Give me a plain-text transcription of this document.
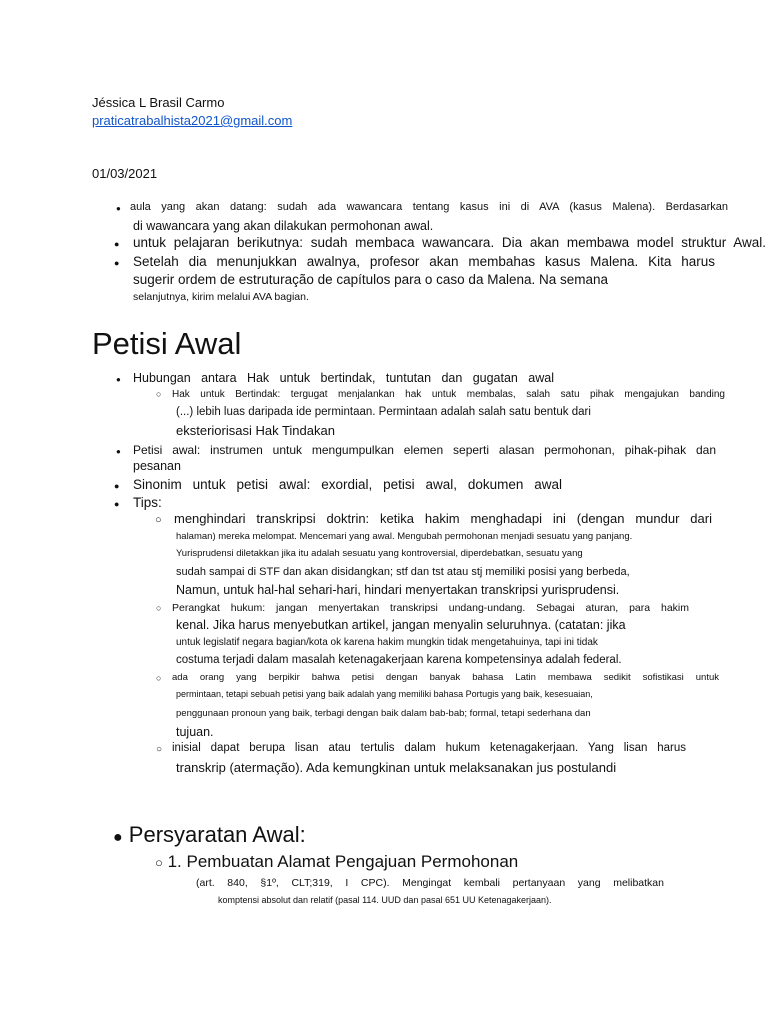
Jéssica L Brasil Carmo
praticatrabalhista2021@gmail.com
01/03/2021
● aula yang akan datang: sudah ada wawancara tentang kasus ini di AVA (kasus Malena). Berdasarkan
di wawancara yang akan dilakukan permohonan awal.
● untuk pelajaran berikutnya: sudah membaca wawancara. Dia akan membawa model struktur Awal.
● Setelah dia menunjukkan awalnya, profesor akan membahas kasus Malena. Kita harus
sugerir ordem de estruturação de capítulos para o caso da Malena. Na semana
selanjutnya, kirim melalui AVA bagian.
Petisi Awal
● Hubungan antara Hak untuk bertindak, tuntutan dan gugatan awal
○ Hak untuk Bertindak: tergugat menjalankan hak untuk membalas, salah satu pihak mengajukan banding
(...) lebih luas daripada ide permintaan. Permintaan adalah salah satu bentuk dari
eksteriorisasi Hak Tindakan
● Petisi awal: instrumen untuk mengumpulkan elemen seperti alasan permohonan, pihak-pihak dan
pesanan
● Sinonim untuk petisi awal: exordial, petisi awal, dokumen awal
● Tips:
○ menghindari transkripsi doktrin: ketika hakim menghadapi ini (dengan mundur dari
halaman) mereka melompat. Mencemari yang awal. Mengubah permohonan menjadi sesuatu yang panjang.
Yurisprudensi diletakkan jika itu adalah sesuatu yang kontroversial, diperdebatkan, sesuatu yang
sudah sampai di STF dan akan disidangkan; stf dan tst atau stj memiliki posisi yang berbeda,
Namun, untuk hal-hal sehari-hari, hindari menyertakan transkripsi yurisprudensi.
○ Perangkat hukum: jangan menyertakan transkripsi undang-undang. Sebagai aturan, para hakim
kenal. Jika harus menyebutkan artikel, jangan menyalin seluruhnya. (catatan: jika
untuk legislatif negara bagian/kota ok karena hakim mungkin tidak mengetahuinya, tapi ini tidak
costuma terjadi dalam masalah ketenagakerjaan karena kompetensinya adalah federal.
○ ada orang yang berpikir bahwa petisi dengan banyak bahasa Latin membawa sedikit sofistikasi untuk
permintaan, tetapi sebuah petisi yang baik adalah yang memiliki bahasa Portugis yang baik, kesesuaian,
penggunaan pronoun yang baik, terbagi dengan baik dalam bab-bab; formal, tetapi sederhana dan
tujuan.
○ inisial dapat berupa lisan atau tertulis dalam hukum ketenagakerjaan. Yang lisan harus
transkrip (atermação). Ada kemungkinan untuk melaksanakan jus postulandi
● Persyaratan Awal:
○ 1. Pembuatan Alamat Pengajuan Permohonan
(art. 840, §1º, CLT;319, I CPC). Mengingat kembali pertanyaan yang melibatkan
komptensi absolut dan relatif (pasal 114. UUD dan pasal 651 UU Ketenagakerjaan).
